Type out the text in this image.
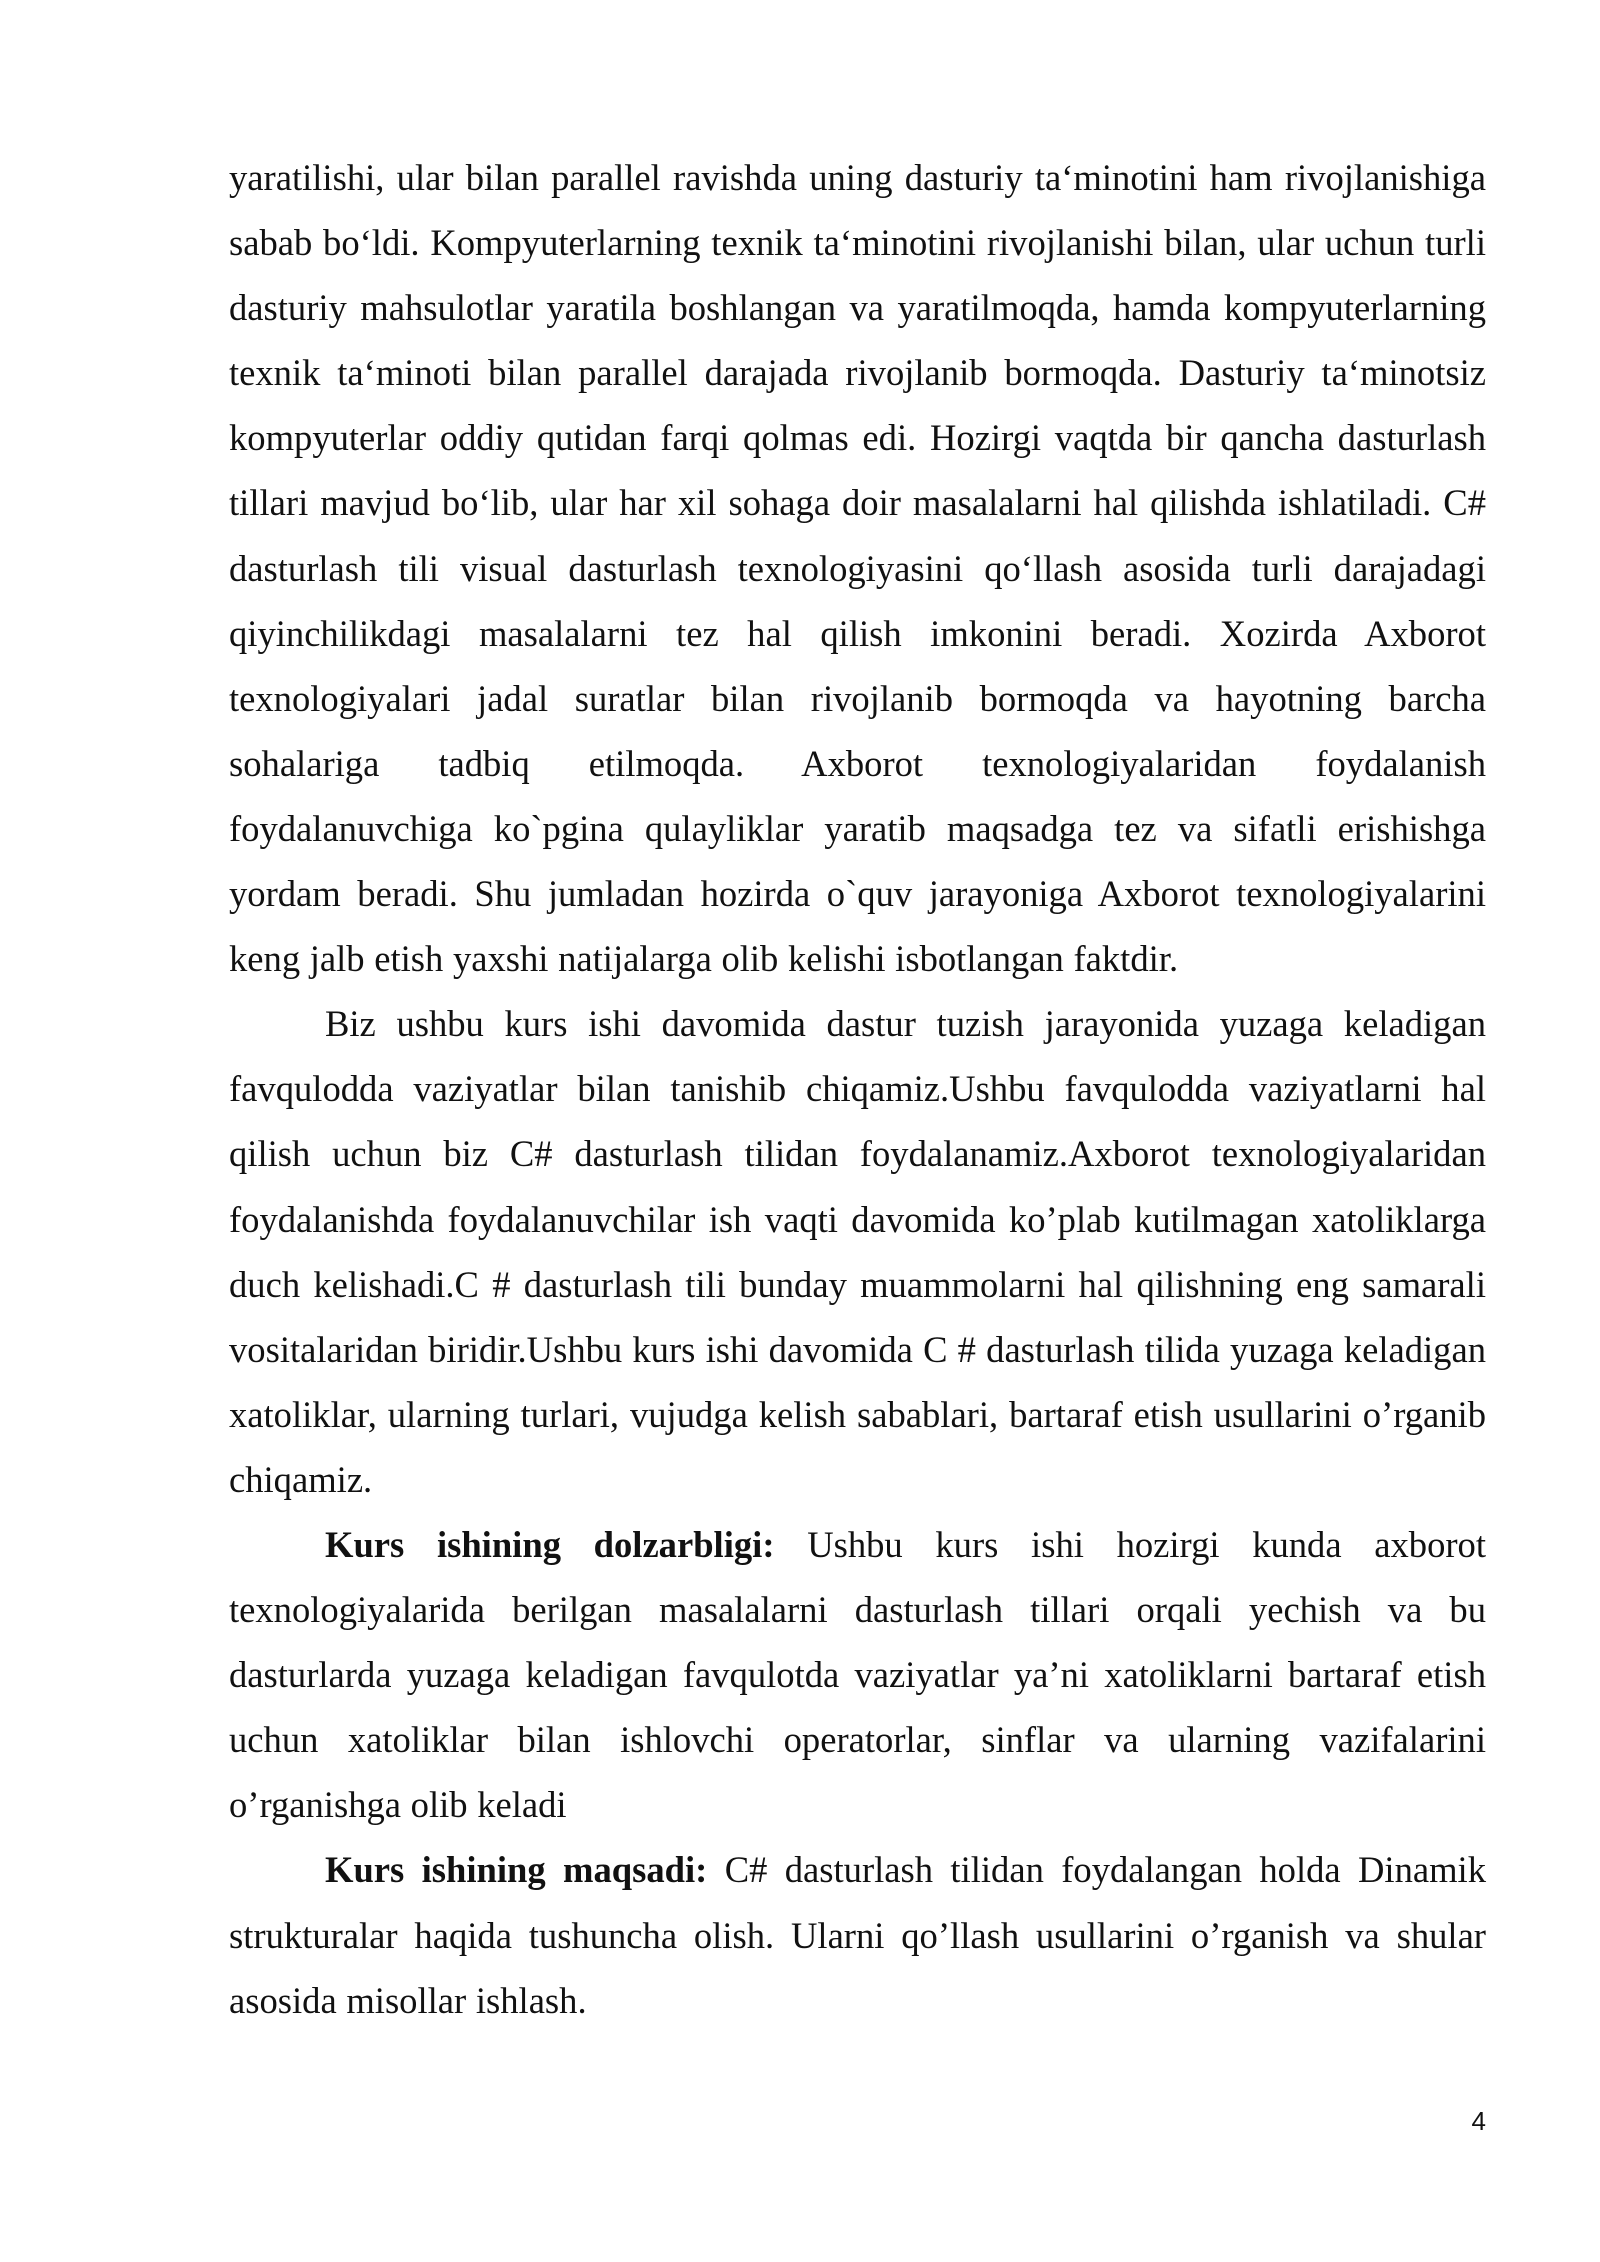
yaratilishi, ular bilan parallel ravishda uning dasturiy ta‘minotini ham rivojlanishiga sabab bo‘ldi. Kompyuterlarning texnik ta‘minotini rivojlanishi bilan, ular uchun turli dasturiy mahsulotlar yaratila boshlangan va yaratilmoqda, hamda kompyuterlarning texnik ta‘minoti bilan parallel darajada rivojlanib bormoqda. Dasturiy ta‘minotsiz kompyuterlar oddiy qutidan farqi qolmas edi. Hozirgi vaqtda bir qancha dasturlash tillari mavjud bo‘lib, ular har xil sohaga doir masalalarni hal qilishda ishlatiladi. C# dasturlash tili visual dasturlash texnologiyasini qo‘llash asosida turli darajadagi qiyinchilikdagi masalalarni tez hal qilish imkonini beradi. Xozirda Axborot texnologiyalari jadal suratlar bilan rivojlanib bormoqda va hayotning barcha sohalariga tadbiq etilmoqda. Axborot texnologiyalaridan foydalanish foydalanuvchiga ko`pgina qulayliklar yaratib maqsadga tez va sifatli erishishga yordam beradi. Shu jumladan hozirda o`quv jarayoniga Axborot texnologiyalarini keng jalb etish yaxshi natijalarga olib kelishi isbotlangan faktdir.

Biz ushbu kurs ishi davomida dastur tuzish jarayonida yuzaga keladigan favqulodda vaziyatlar bilan tanishib chiqamiz.Ushbu favqulodda vaziyatlarni hal qilish uchun biz C# dasturlash tilidan foydalanamiz.Axborot texnologiyalaridan foydalanishda foydalanuvchilar ish vaqti davomida ko’plab kutilmagan xatoliklarga duch kelishadi.C # dasturlash tili bunday muammolarni hal qilishning eng samarali vositalaridan biridir.Ushbu kurs ishi davomida C # dasturlash tilida yuzaga keladigan xatoliklar, ularning turlari, vujudga kelish sabablari, bartaraf etish usullarini o’rganib chiqamiz.

Kurs ishining dolzarbligi: Ushbu kurs ishi hozirgi kunda axborot texnologiyalarida berilgan masalalarni dasturlash tillari orqali yechish va bu dasturlarda yuzaga keladigan favqulotda vaziyatlar ya’ni xatoliklarni bartaraf etish uchun xatoliklar bilan ishlovchi operatorlar, sinflar va ularning vazifalarini o’rganishga olib keladi

Kurs ishining maqsadi: C# dasturlash tilidan foydalangan holda Dinamik strukturalar haqida tushuncha olish. Ularni qo’llash usullarini o’rganish va shular asosida misollar ishlash.

4
